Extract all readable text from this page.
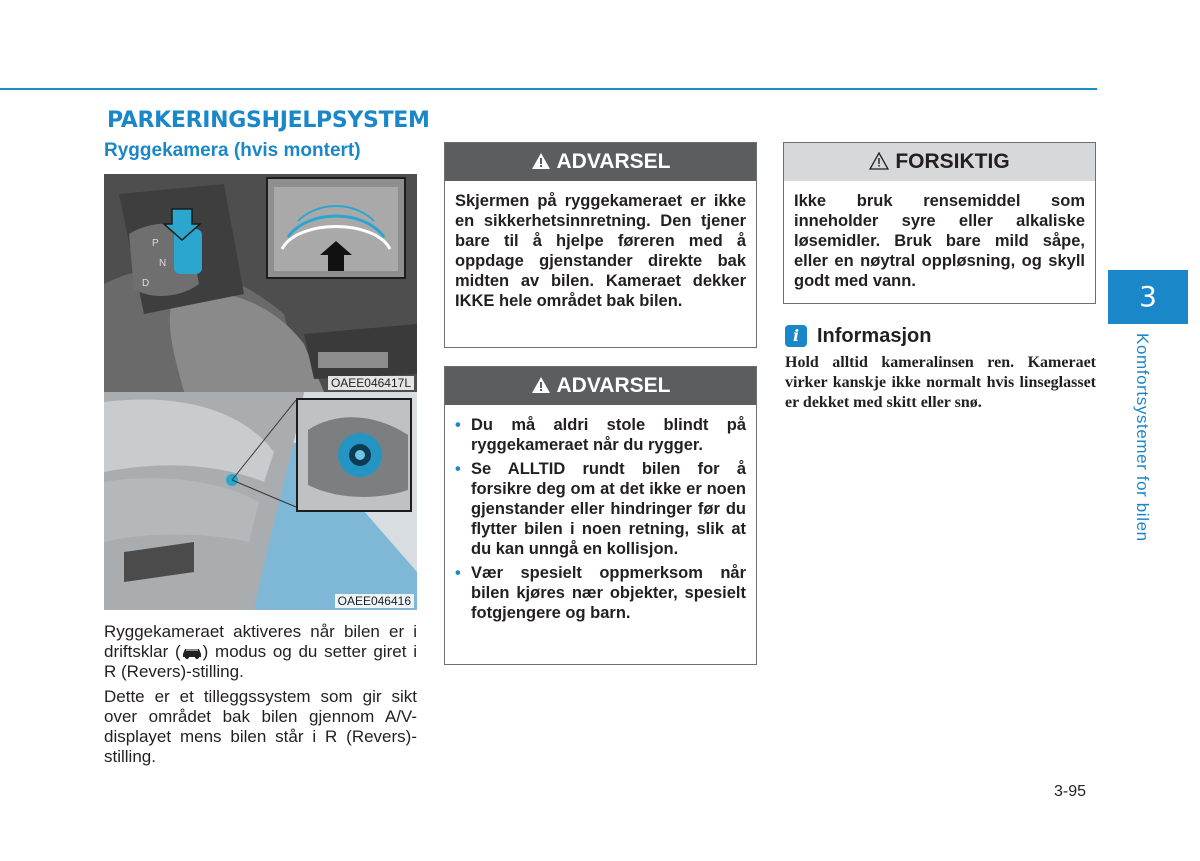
PARKERINGSHJELPSYSTEM
Ryggekamera (hvis montert)
P
N
D
OAEE046417L
OAEE046416
Ryggekameraet aktiveres når bilen er i driftsklar ( ) modus og du setter giret i R (Revers)-stilling.
Dette er et tilleggssystem som gir sikt over området bak bilen gjennom A/V-displayet mens bilen står i R (Revers)-stilling.
ADVARSEL
Skjermen på ryggekameraet er ikke en sikkerhetsinnretning. Den tjener bare til å hjelpe føreren med å oppdage gjenstander direkte bak midten av bilen. Kameraet dekker IKKE hele området bak bilen.
ADVARSEL
• Du må aldri stole blindt på ryggekameraet når du rygger.
• Se ALLTID rundt bilen for å forsikre deg om at det ikke er noen gjenstander eller hindringer før du flytter bilen i noen retning, slik at du kan unngå en kollisjon.
• Vær spesielt oppmerksom når bilen kjøres nær objekter, spesielt fotgjengere og barn.
FORSIKTIG
Ikke bruk rensemiddel som inneholder syre eller alkaliske løsemidler. Bruk bare mild såpe, eller en nøytral oppløsning, og skyll godt med vann.
i Informasjon
Hold alltid kameralinsen ren. Kameraet virker kanskje ikke normalt hvis linseglasset er dekket med skitt eller snø.
3
Komfortsystemer for bilen
3-95
